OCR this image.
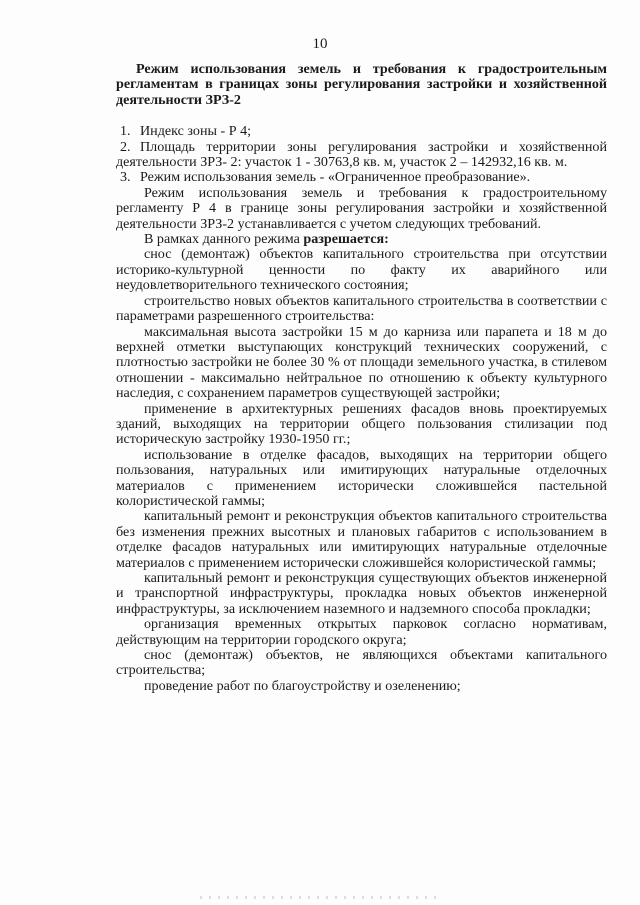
10

Режим использования земель и требования к градостроительным регламентам в границах зоны регулирования застройки и хозяйственной деятельности ЗРЗ-2

1. Индекс зоны - Р 4;

2. Площадь территории зоны регулирования застройки и хозяйственной деятельности ЗРЗ- 2: участок 1 - 30763,8 кв. м, участок 2 – 142932,16 кв. м.

3. Режим использования земель - «Ограниченное преобразование».

Режим использования земель и требования к градостроительному регламенту Р 4 в границе зоны регулирования застройки и хозяйственной деятельности ЗРЗ-2 устанавливается с учетом следующих требований.

В рамках данного режима разрешается:

снос (демонтаж) объектов капитального строительства при отсутствии историко-культурной ценности по факту их аварийного или неудовлетворительного технического состояния;

строительство новых объектов капитального строительства в соответствии с параметрами разрешенного строительства:

максимальная высота застройки 15 м до карниза или парапета и 18 м до верхней отметки выступающих конструкций технических сооружений, с плотностью застройки не более 30 % от площади земельного участка, в стилевом отношении - максимально нейтральное по отношению к объекту культурного наследия, с сохранением параметров существующей застройки;

применение в архитектурных решениях фасадов вновь проектируемых зданий, выходящих на территории общего пользования стилизации под историческую застройку 1930-1950 гг.;

использование в отделке фасадов, выходящих на территории общего пользования, натуральных или имитирующих натуральные отделочных материалов с применением исторически сложившейся пастельной колористической гаммы;

капитальный ремонт и реконструкция объектов капитального строительства без изменения прежних высотных и плановых габаритов с использованием в отделке фасадов натуральных или имитирующих натуральные отделочные материалов с применением исторически сложившейся колористической гаммы;

капитальный ремонт и реконструкция существующих объектов инженерной и транспортной инфраструктуры, прокладка новых объектов инженерной инфраструктуры, за исключением наземного и надземного способа прокладки;

организация временных открытых парковок согласно нормативам, действующим на территории городского округа;

снос (демонтаж) объектов, не являющихся объектами капитального строительства;

проведение работ по благоустройству и озеленению;
